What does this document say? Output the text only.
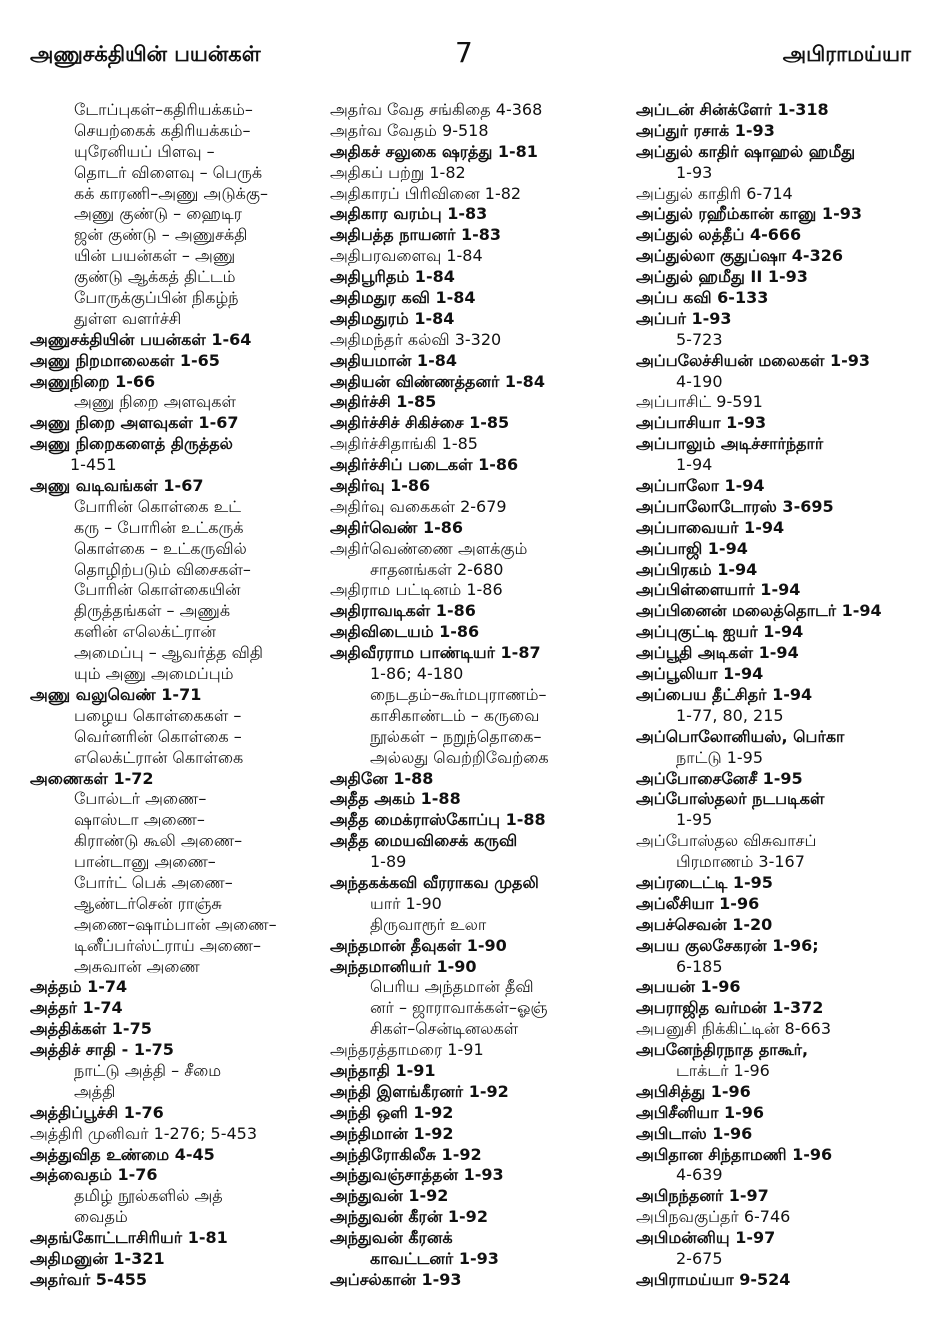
அணுசக்தியின் பயன்கள்	7	அபிராமய்யா
டோப்புகள்–கதிரியக்கம்–
செயற்கைக் கதிரியக்கம்–
யுரேனியப் பிளவு –
தொடர் விளைவு – பெருக்
கக் காரணி–அணு அடுக்கு–
அணு குண்டு – ஹைடிர
ஜன் குண்டு – அணுசக்தி
யின் பயன்கள் – அணு
குண்டு ஆக்கத் திட்டம்
போருக்குப்பின் நிகழ்ந்
துள்ள வளர்ச்சி
அணுசக்தியின் பயன்கள் 1-64
அணு நிறமாலைகள் 1-65
அணுநிறை 1-66
அணு நிறை அளவுகள்
அணு நிறை அளவுகள் 1-67
அணு நிறைகளைத் திருத்தல்
1-451
அணு வடிவங்கள் 1-67
போரின் கொள்கை உட்
கரு – போரின் உட்கருக்
கொள்கை – உட்கருவில்
தொழிற்படும் விசைகள்–
போரின் கொள்கையின்
திருத்தங்கள் – அணுக்
களின் எலெக்ட்ரான்
அமைப்பு – ஆவர்த்த விதி
யும் அணு அமைப்பும்
அணு வலுவெண் 1-71
பழைய கொள்கைகள் –
வெர்னரின் கொள்கை –
எலெக்ட்ரான் கொள்கை
அணைகள் 1-72
போல்டர் அணை–
ஷாஸ்டா அணை–
கிராண்டு கூலி அணை–
பான்டானு அணை–
போர்ட் பெக் அணை–
ஆண்டர்சென் ராஞ்சு
அணை–ஷாம்பான் அணை–
டினீப்பர்ஸ்ட்ராய் அணை–
அசுவான் அணை
அத்தம் 1-74
அத்தர் 1-74
அத்திக்கள் 1-75
அத்திச் சாதி - 1-75
நாட்டு அத்தி – சீமை
அத்தி
அத்திப்பூச்சி 1-76
அத்திரி முனிவர் 1-276; 5-453
அத்துவித உண்மை 4-45
அத்வைதம் 1-76
தமிழ் நூல்களில் அத்
வைதம்
அதங்கோட்டாசிரியர் 1-81
அதிமனுன் 1-321
அதர்வர் 5-455
அதர்வ வேத சங்கிதை 4-368
அதர்வ வேதம் 9-518
அதிகச் சலுகை ஷரத்து 1-81
அதிகப் பற்று 1-82
அதிகாரப் பிரிவினை 1-82
அதிகார வரம்பு 1-83
அதிபத்த நாயனர் 1-83
அதிபரவளைவு 1-84
அதிபூரிதம் 1-84
அதிமதுர கவி 1-84
அதிமதுரம் 1-84
அதிமந்தர் கல்வி 3-320
அதியமான் 1-84
அதியன் விண்ணத்தனர் 1-84
அதிர்ச்சி 1-85
அதிர்ச்சிச் சிகிச்சை 1-85
அதிர்ச்சிதாங்கி 1-85
அதிர்ச்சிப் படைகள் 1-86
அதிர்வு 1-86
அதிர்வு வகைகள் 2-679
அதிர்வெண் 1-86
அதிர்வெண்ணை அளக்கும்
சாதனங்கள் 2-680
அதிராம பட்டினம் 1-86
அதிராவடிகள் 1-86
அதிவிடையம் 1-86
அதிவீரராம பாண்டியர் 1-87
1-86; 4-180
நைடதம்–கூர்மபுராணம்–
காசிகாண்டம் – கருவை
நூல்கள் – நறுந்தொகை–
அல்லது வெற்றிவேற்கை
அதினே 1-88
அதீத அகம் 1-88
அதீத மைக்ராஸ்கோப்பு 1-88
அதீத மையவிசைக் கருவி
1-89
அந்தகக்கவி வீரராகவ முதலி
யார் 1-90
திருவாரூர் உலா
அந்தமான் தீவுகள் 1-90
அந்தமானியர் 1-90
பெரிய அந்தமான் தீவி
னர் – ஜாராவாக்கள்–ஓஞ்
சிகள்–சென்டினலகள்
அந்தரத்தாமரை 1-91
அந்தாதி 1-91
அந்தி இளங்கீரனர் 1-92
அந்தி ஒளி 1-92
அந்திமான் 1-92
அந்திரோகிலீசு 1-92
அந்துவஞ்சாத்தன் 1-93
அந்துவன் 1-92
அந்துவன் கீரன் 1-92
அந்துவன் கீரனக்
காவட்டனர் 1-93
அப்சல்கான் 1-93
அப்டன் சின்க்ளேர் 1-318
அப்துர் ரசாக் 1-93
அப்துல் காதிர் ஷாஹல் ஹமீது
1-93
அப்துல் காதிரி 6-714
அப்துல் ரஹீம்கான் கானு 1-93
அப்துல் லத்தீப் 4-666
அப்துல்லா குதுப்ஷா 4-326
அப்துல் ஹமீது II 1-93
அப்ப கவி 6-133
அப்பர் 1-93
5-723
அப்பலேச்சியன் மலைகள் 1-93
4-190
அப்பாசிட் 9-591
அப்பாசியா 1-93
அப்பாலும் அடிச்சார்ந்தார்
1-94
அப்பாலோ 1-94
அப்பாலோடோரஸ் 3-695
அப்பாவையர் 1-94
அப்பாஜி 1-94
அப்பிரகம் 1-94
அப்பிள்ளையார் 1-94
அப்பினைன் மலைத்தொடர் 1-94
அப்புகுட்டி ஐயர் 1-94
அப்பூதி அடிகள் 1-94
அப்பூலியா 1-94
அப்பைய தீட்சிதர் 1-94
1-77, 80, 215
அப்பொலோனியஸ், பெர்கா
நாட்டு 1-95
அப்போசைனேசீ 1-95
அப்போஸ்தலர் நடபடிகள்
1-95
அப்போஸ்தல விசுவாசப்
பிரமாணம் 3-167
அப்ரடைட்டி 1-95
அப்லீசியா 1-96
அபச்செவன் 1-20
அபய குலசேகரன் 1-96;
6-185
அபயன் 1-96
அபராஜித வர்மன் 1-372
அபனுசி நிக்கிட்டின் 8-663
அபனேந்திரநாத தாகூர்,
டாக்டர் 1-96
அபிசித்து 1-96
அபிசீனியா 1-96
அபிடாஸ் 1-96
அபிதான சிந்தாமணி 1-96
4-639
அபிநந்தனர் 1-97
அபிநவகுப்தர் 6-746
அபிமன்னியு 1-97
2-675
அபிராமய்யா 9-524
